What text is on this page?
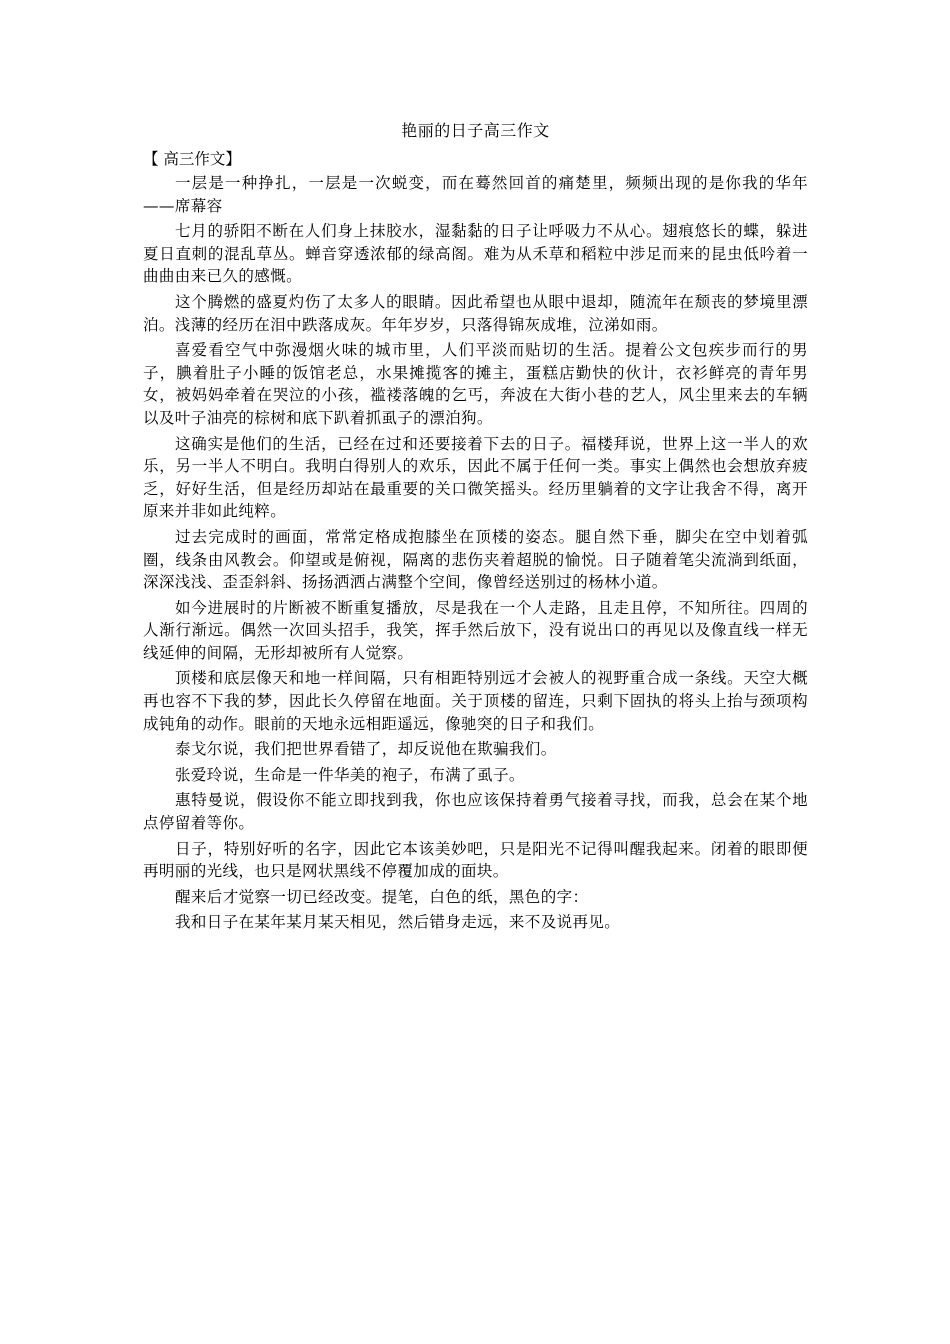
艳丽的日子高三作文
【 高三作文】

一层是一种挣扎，一层是一次蜕变，而在蓦然回首的痛楚里，频频出现的是你我的华年——席幕容

七月的骄阳不断在人们身上抹胶水，湿黏黏的日子让呼吸力不从心。翅痕悠长的蝶，躲进夏日直刺的混乱草丛。蝉音穿透浓郁的绿高阁。难为从禾草和稻粒中涉足而来的昆虫低吟着一曲曲由来已久的感慨。

这个腾燃的盛夏灼伤了太多人的眼睛。因此希望也从眼中退却，随流年在颓丧的梦境里漂泊。浅薄的经历在泪中跌落成灰。年年岁岁，只落得锦灰成堆，泣涕如雨。

喜爱看空气中弥漫烟火味的城市里，人们平淡而贴切的生活。提着公文包疾步而行的男子，腆着肚子小睡的饭馆老总，水果摊揽客的摊主，蛋糕店勤快的伙计，衣衫鲜亮的青年男女，被妈妈牵着在哭泣的小孩，褴褛落魄的乞丐，奔波在大街小巷的艺人，风尘里来去的车辆以及叶子油亮的棕树和底下趴着抓虱子的漂泊狗。

这确实是他们的生活，已经在过和还要接着下去的日子。福楼拜说，世界上这一半人的欢乐，另一半人不明白。我明白得别人的欢乐，因此不属于任何一类。事实上偶然也会想放弃疲乏，好好生活，但是经历却站在最重要的关口微笑摇头。经历里躺着的文字让我舍不得，离开原来并非如此纯粹。

过去完成时的画面，常常定格成抱膝坐在顶楼的姿态。腿自然下垂，脚尖在空中划着弧圈，线条由风教会。仰望或是俯视，隔离的悲伤夹着超脱的愉悦。日子随着笔尖流淌到纸面，深深浅浅、歪歪斜斜、扬扬洒洒占满整个空间，像曾经送别过的杨林小道。

如今进展时的片断被不断重复播放，尽是我在一个人走路，且走且停，不知所往。四周的人渐行渐远。偶然一次回头招手，我笑，挥手然后放下，没有说出口的再见以及像直线一样无线延伸的间隔，无形却被所有人觉察。

顶楼和底层像天和地一样间隔，只有相距特别远才会被人的视野重合成一条线。天空大概再也容不下我的梦，因此长久停留在地面。关于顶楼的留连，只剩下固执的将头上抬与颈项构成钝角的动作。眼前的天地永远相距遥远，像驰突的日子和我们。

泰戈尔说，我们把世界看错了，却反说他在欺骗我们。

张爱玲说，生命是一件华美的袍子，布满了虱子。

惠特曼说，假设你不能立即找到我，你也应该保持着勇气接着寻找，而我，总会在某个地点停留着等你。

日子，特别好听的名字，因此它本该美妙吧，只是阳光不记得叫醒我起来。闭着的眼即便再明丽的光线，也只是网状黑线不停覆加成的面块。

醒来后才觉察一切已经改变。提笔，白色的纸，黑色的字：

我和日子在某年某月某天相见，然后错身走远，来不及说再见。
